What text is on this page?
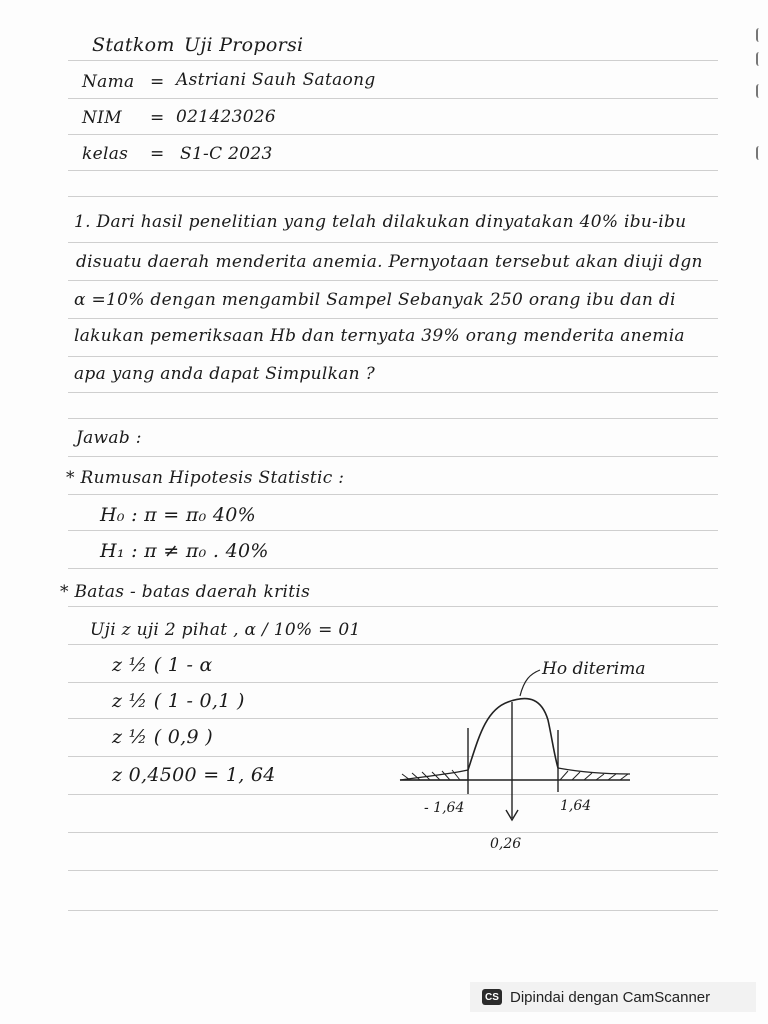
Statkom Uji Proporsi
Nama = Astriani Sauh Sataong
NIM = 021423026
kelas = S1-C 2023
1. Dari hasil penelitian yang telah dilakukan dinyatakan 40% ibu-ibu
disuatu daerah menderita anemia. Pernyotaan tersebut akan diuji dgn
α =10% dengan mengambil Sampel Sebanyak 250 orang ibu dan di
lakukan pemeriksaan Hb dan ternyata 39% orang menderita anemia
apa yang anda dapat Simpulkan ?
Jawab :
* Rumusan Hipotesis Statistic :
H₀ : π = π₀ 40%
H₁ : π ≠ π₀ . 40%
* Batas - batas daerah kritis
Uji z uji 2 pihat , α / 10% = 01
z ½ ( 1 - α
z ½ ( 1 - 0,1 )
z ½ ( 0,9 )
z 0,4500 = 1, 64
Ho diterima
- 1,64	1,64
0,26
CS Dipindai dengan CamScanner
